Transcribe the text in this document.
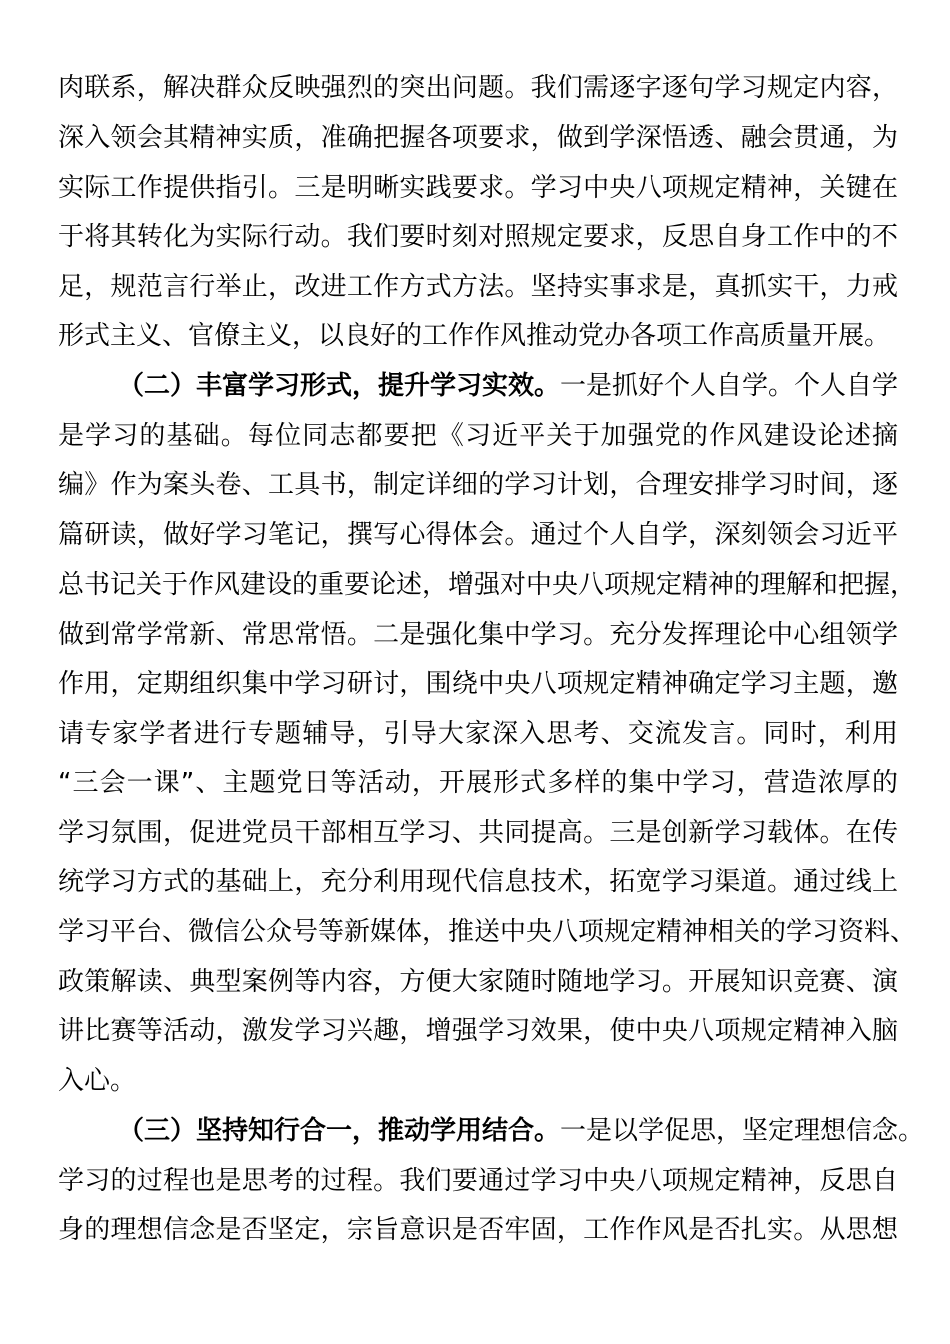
肉联系，解决群众反映强烈的突出问题。我们需逐字逐句学习规定内容，
深入领会其精神实质，准确把握各项要求，做到学深悟透、融会贯通，为
实际工作提供指引。三是明晰实践要求。学习中央八项规定精神，关键在
于将其转化为实际行动。我们要时刻对照规定要求，反思自身工作中的不
足，规范言行举止，改进工作方式方法。坚持实事求是，真抓实干，力戒
形式主义、官僚主义，以良好的工作作风推动党办各项工作高质量开展。
（二）丰富学习形式，提升学习实效。一是抓好个人自学。个人自学
是学习的基础。每位同志都要把《习近平关于加强党的作风建设论述摘
编》作为案头卷、工具书，制定详细的学习计划，合理安排学习时间，逐
篇研读，做好学习笔记，撰写心得体会。通过个人自学，深刻领会习近平
总书记关于作风建设的重要论述，增强对中央八项规定精神的理解和把握，
做到常学常新、常思常悟。二是强化集中学习。充分发挥理论中心组领学
作用，定期组织集中学习研讨，围绕中央八项规定精神确定学习主题，邀
请专家学者进行专题辅导，引导大家深入思考、交流发言。同时，利用
“三会一课”、主题党日等活动，开展形式多样的集中学习，营造浓厚的
学习氛围，促进党员干部相互学习、共同提高。三是创新学习载体。在传
统学习方式的基础上，充分利用现代信息技术，拓宽学习渠道。通过线上
学习平台、微信公众号等新媒体，推送中央八项规定精神相关的学习资料、
政策解读、典型案例等内容，方便大家随时随地学习。开展知识竞赛、演
讲比赛等活动，激发学习兴趣，增强学习效果，使中央八项规定精神入脑
入心。
（三）坚持知行合一，推动学用结合。一是以学促思，坚定理想信念。
学习的过程也是思考的过程。我们要通过学习中央八项规定精神，反思自
身的理想信念是否坚定，宗旨意识是否牢固，工作作风是否扎实。从思想
